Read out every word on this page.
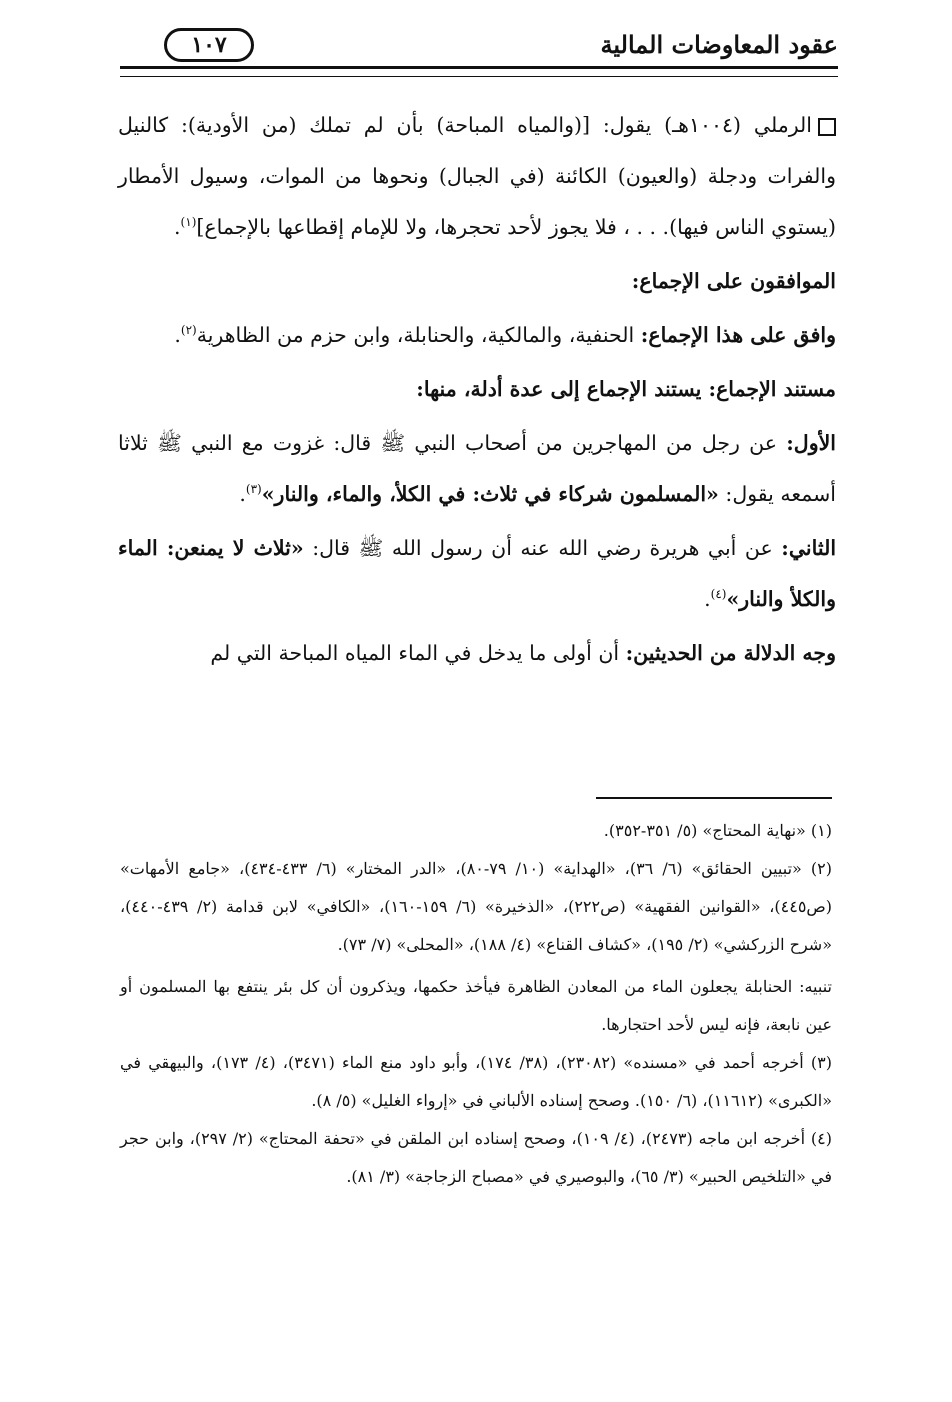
عقود المعاوضات المالية
١٠٧

الرملي (١٠٠٤هـ) يقول: [(والمياه المباحة) بأن لم تملك (من الأودية): كالنيل والفرات ودجلة (والعيون) الكائنة (في الجبال) ونحوها من الموات، وسيول الأمطار (يستوي الناس فيها). . . ، فلا يجوز لأحد تحجرها، ولا للإمام إقطاعها بالإجماع]$^{(١)}$.

الموافقون على الإجماع:

وافق على هذا الإجماع: الحنفية، والمالكية، والحنابلة، وابن حزم من الظاهرية$^{(٢)}$.

مستند الإجماع: يستند الإجماع إلى عدة أدلة، منها:

الأول: عن رجل من المهاجرين من أصحاب النبي ﷺ قال: غزوت مع النبي ﷺ ثلاثا أسمعه يقول: «المسلمون شركاء في ثلاث: في الكلأ، والماء، والنار»$^{(٣)}$.

الثاني: عن أبي هريرة رضي الله عنه أن رسول الله ﷺ قال: «ثلاث لا يمنعن: الماء والكلأ والنار»$^{(٤)}$.

وجه الدلالة من الحديثين: أن أولى ما يدخل في الماء المياه المباحة التي لم

(١) «نهاية المحتاج» (٥/ ٣٥١-٣٥٢).

(٢) «تبيين الحقائق» (٦/ ٣٦)، «الهداية» (١٠/ ٧٩-٨٠)، «الدر المختار» (٦/ ٤٣٣-٤٣٤)، «جامع الأمهات» (ص٤٤٥)، «القوانين الفقهية» (ص٢٢٢)، «الذخيرة» (٦/ ١٥٩-١٦٠)، «الكافي» لابن قدامة (٢/ ٤٣٩-٤٤٠)، «شرح الزركشي» (٢/ ١٩٥)، «كشاف القناع» (٤/ ١٨٨)، «المحلى» (٧/ ٧٣).

تنبيه: الحنابلة يجعلون الماء من المعادن الظاهرة فيأخذ حكمها، ويذكرون أن كل بئر ينتفع بها المسلمون أو عين نابعة، فإنه ليس لأحد احتجارها.

(٣) أخرجه أحمد في «مسنده» (٢٣٠٨٢)، (٣٨/ ١٧٤)، وأبو داود منع الماء (٣٤٧١)، (٤/ ١٧٣)، والبيهقي في «الكبرى» (١١٦١٢)، (٦/ ١٥٠). وصحح إسناده الألباني في «إرواء الغليل» (٥/ ٨).

(٤) أخرجه ابن ماجه (٢٤٧٣)، (٤/ ١٠٩)، وصحح إسناده ابن الملقن في «تحفة المحتاج» (٢/ ٢٩٧)، وابن حجر في «التلخيص الحبير» (٣/ ٦٥)، والبوصيري في «مصباح الزجاجة» (٣/ ٨١).
